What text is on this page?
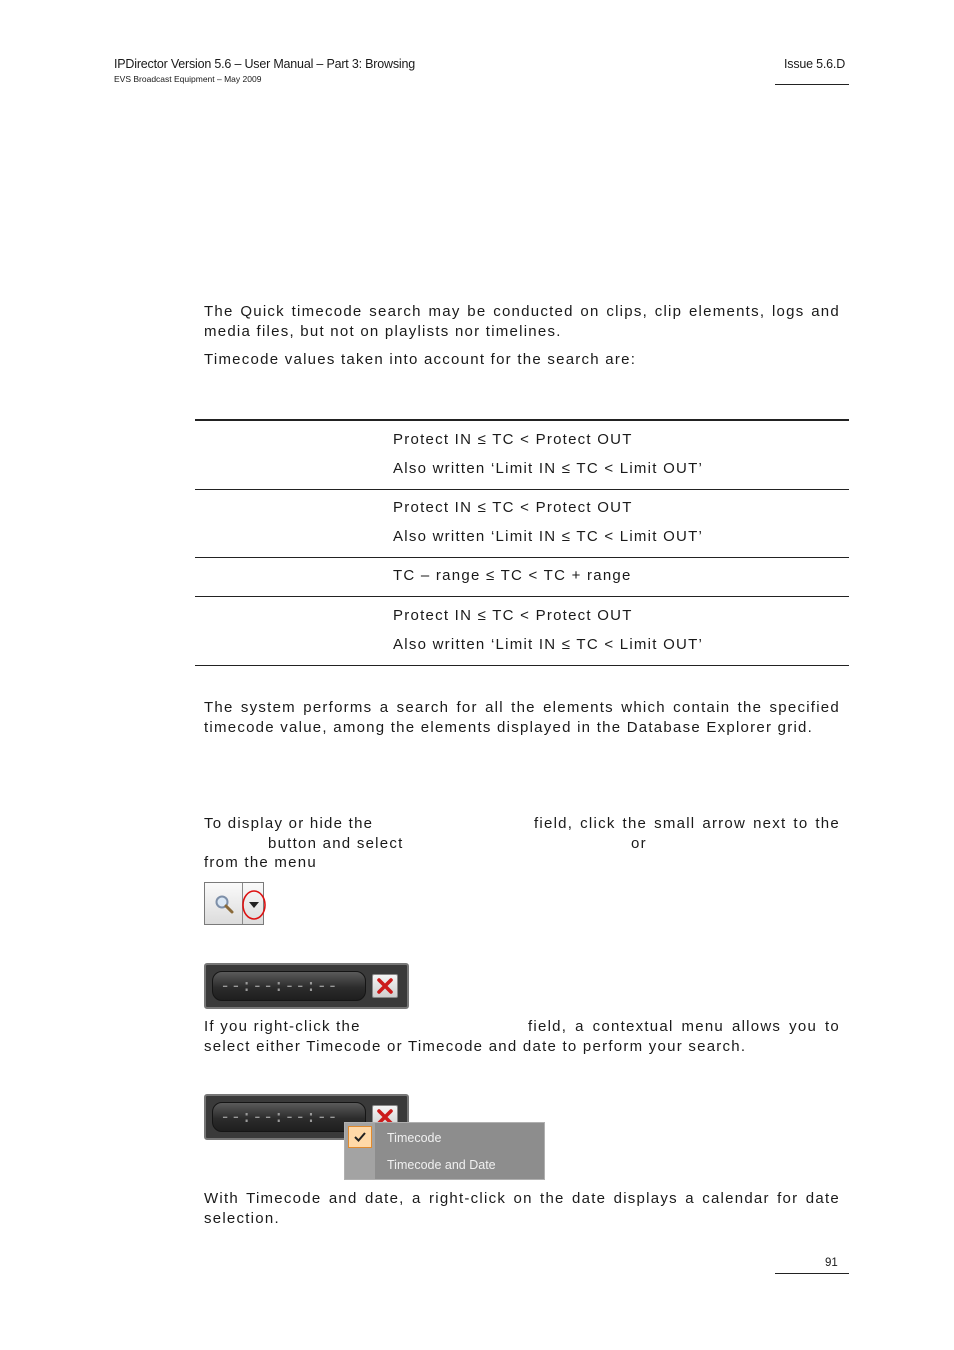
IPDirector Version 5.6 – User Manual – Part 3: Browsing
EVS Broadcast Equipment – May 2009
Issue 5.6.D
The Quick timecode search may be conducted on clips, clip elements, logs and media files, but not on playlists nor timelines.
Timecode values taken into account for the search are:
Protect IN ≤ TC < Protect OUT
Also written ‘Limit IN ≤ TC < Limit OUT’
Protect IN ≤ TC < Protect OUT
Also written ‘Limit IN ≤ TC < Limit OUT’
TC – range ≤ TC < TC + range
Protect IN ≤ TC < Protect OUT
Also written ‘Limit IN ≤ TC < Limit OUT’
The system performs a search for all the elements which contain the specified timecode value, among the elements displayed in the Database Explorer grid.
To display or hide the	field, click the small arrow next to the
button and select	or
from the menu
--:--:--:--
If you right-click the	field, a contextual menu allows you to
select either Timecode or Timecode and date to perform your search.
--:--:--:--
Timecode
Timecode and Date
With Timecode and date, a right-click on the date displays a calendar for date selection.
91
